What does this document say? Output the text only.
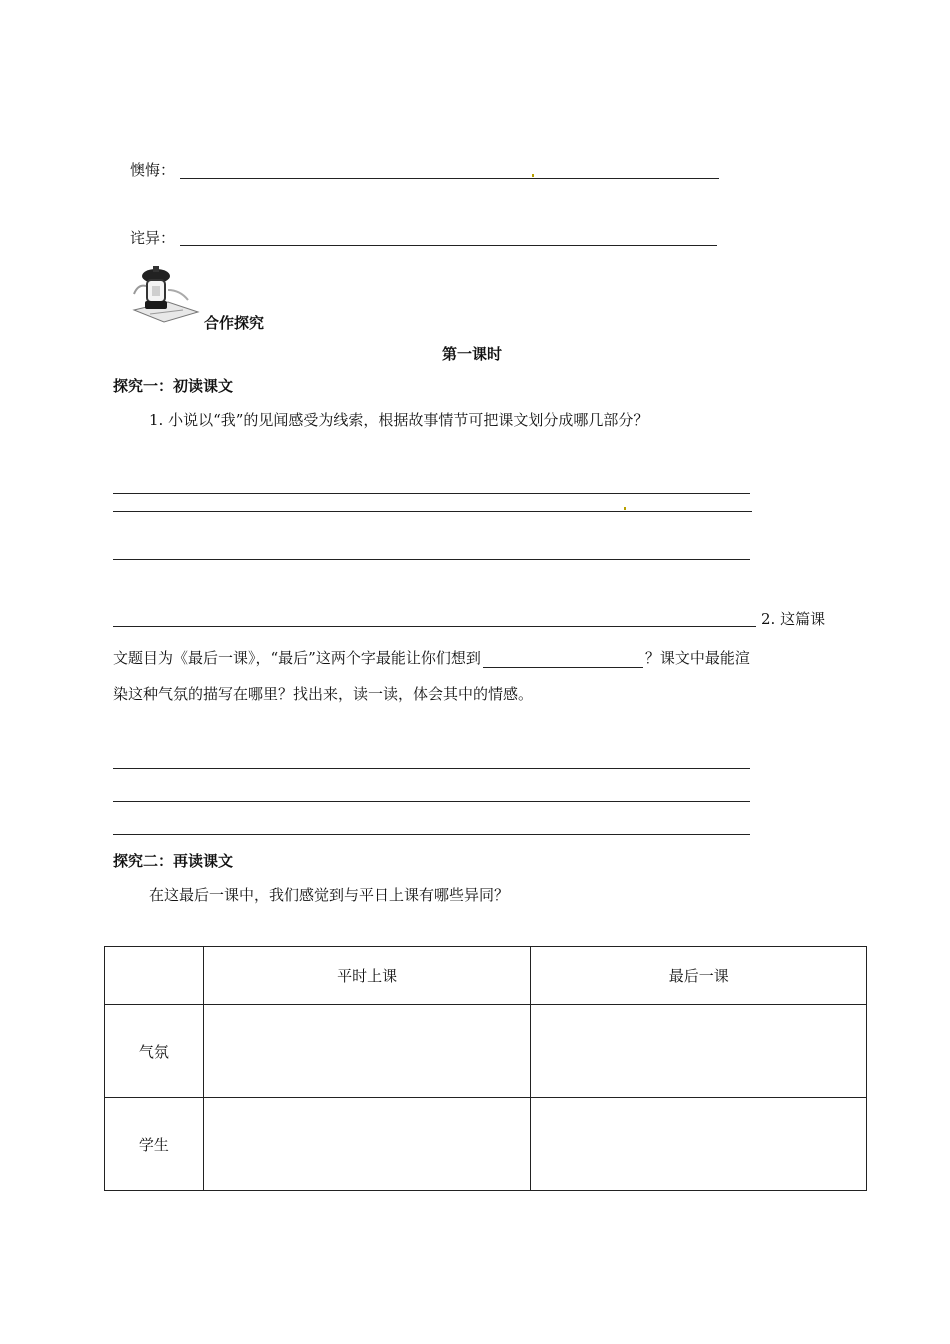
懊悔：
诧异：
合作探究
第一课时
探究一：初读课文
1. 小说以“我”的见闻感受为线索，根据故事情节可把课文划分成哪几部分？
2. 这篇课
文题目为《最后一课》，“最后”这两个字最能让你们想到	？课文中最能渲
染这种气氛的描写在哪里？找出来，读一读，体会其中的情感。
探究二：再读课文
在这最后一课中，我们感觉到与平日上课有哪些异同？
	平时上课	最后一课
气氛		
学生		
